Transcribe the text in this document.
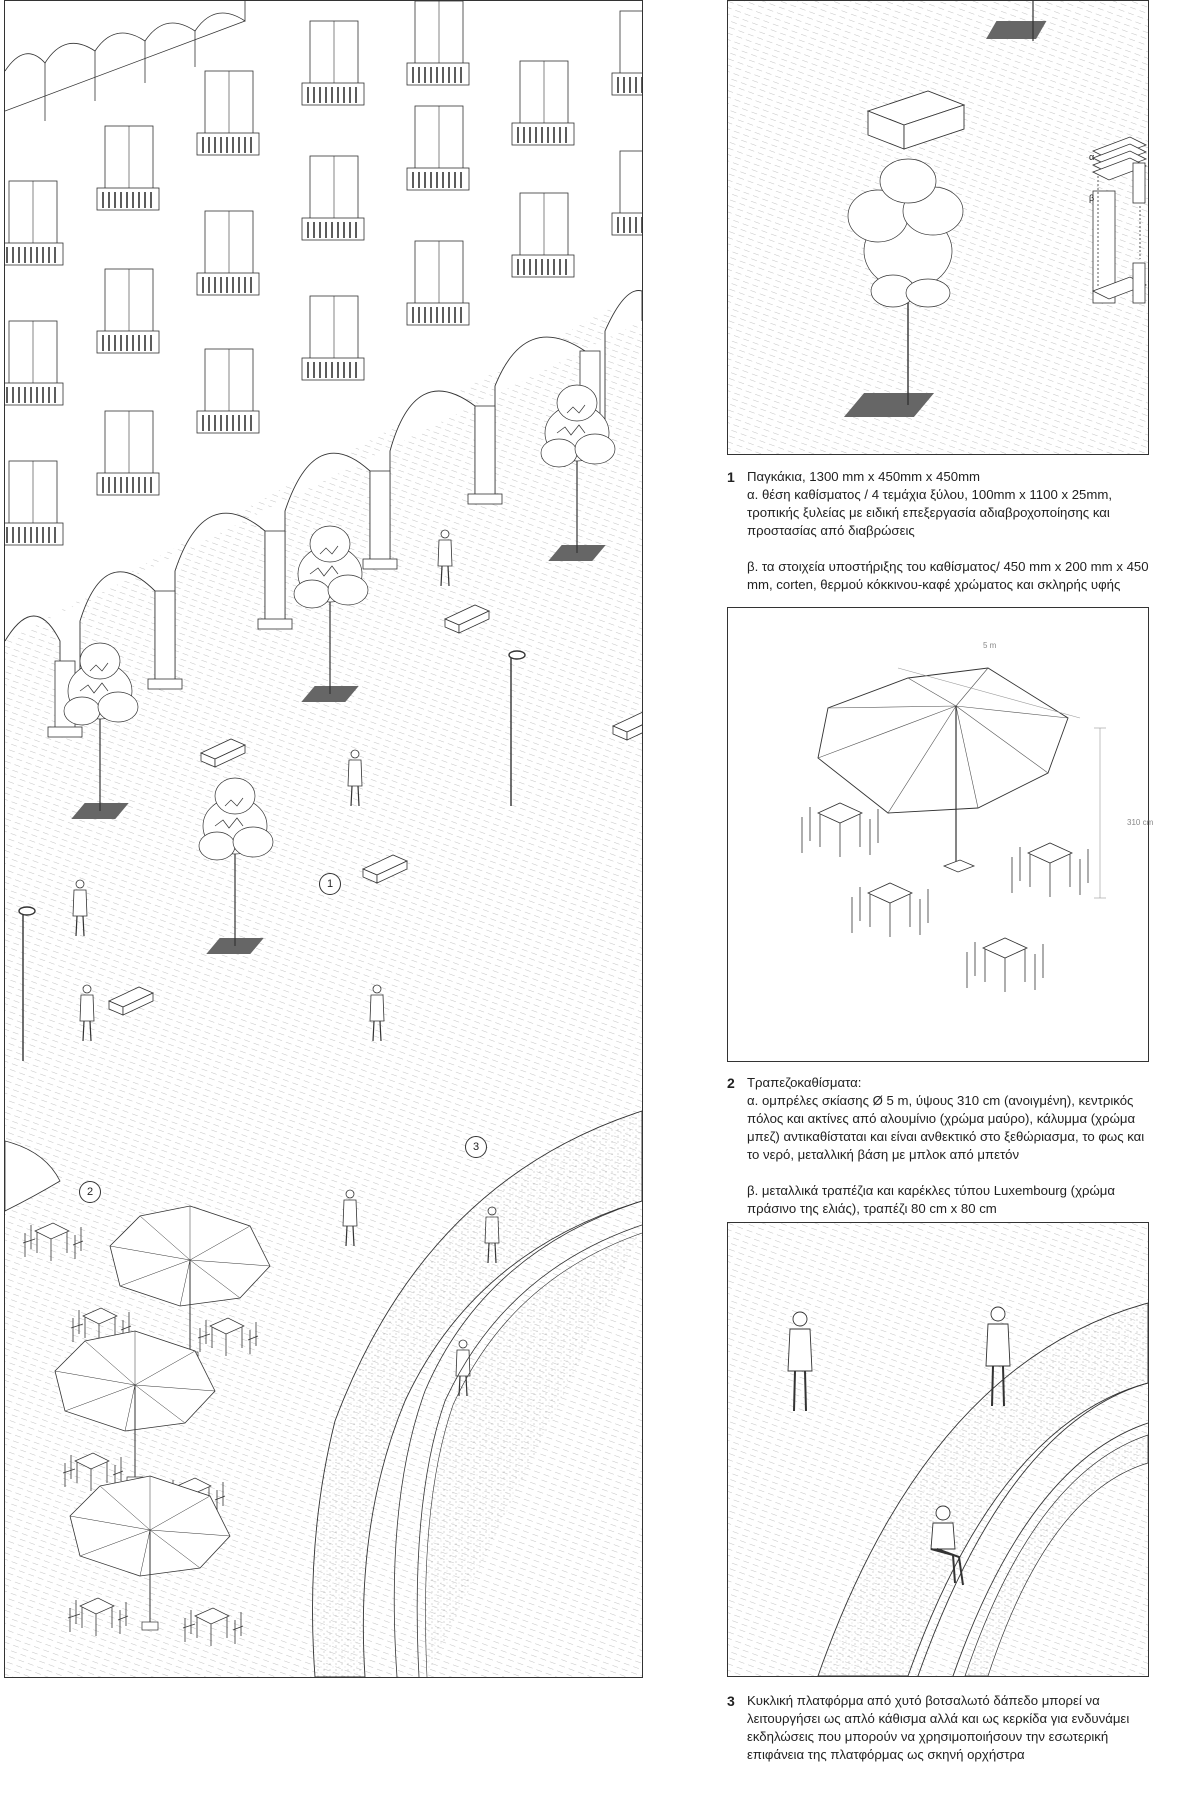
1
2
3
α
β
1 Παγκάκια, 1300 mm x 450mm x 450mm

α. θέση καθίσματος / 4 τεμάχια ξύλου, 100mm x 1100 x 25mm, τροπικής ξυλείας με ειδική επεξεργασία αδιαβροχοποίησης και προστασίας από διαβρώσεις

β. τα στοιχεία υποστήριξης του καθίσματος/ 450 mm x 200 mm x 450 mm, corten, θερμού κόκκινου-καφέ χρώματος και σκληρής υφής

5 m
310 cm
2 Τραπεζοκαθίσματα:

α. ομπρέλες σκίασης Ø 5 m, ύψους 310 cm (ανοιγμένη), κεντρικός πόλος και ακτίνες από αλουμίνιο (χρώμα μαύρο), κάλυμμα (χρώμα μπεζ) αντικαθίσταται και είναι ανθεκτικό στο ξεθώριασμα, το φως και το νερό, μεταλλική βάση με μπλοκ από μπετόν

β. μεταλλικά τραπέζια και καρέκλες τύπου Luxembourg (χρώμα πράσινο της ελιάς), τραπέζι 80 cm x 80 cm

3 Κυκλική πλατφόρμα από χυτό βοτσαλωτό δάπεδο μπορεί να λειτουργήσει ως απλό κάθισμα αλλά και ως κερκίδα για ενδυνάμει εκδηλώσεις που μπορούν να χρησιμοποιήσουν την εσωτερική επιφάνεια της πλατφόρμας ως σκηνή ορχήστρα
